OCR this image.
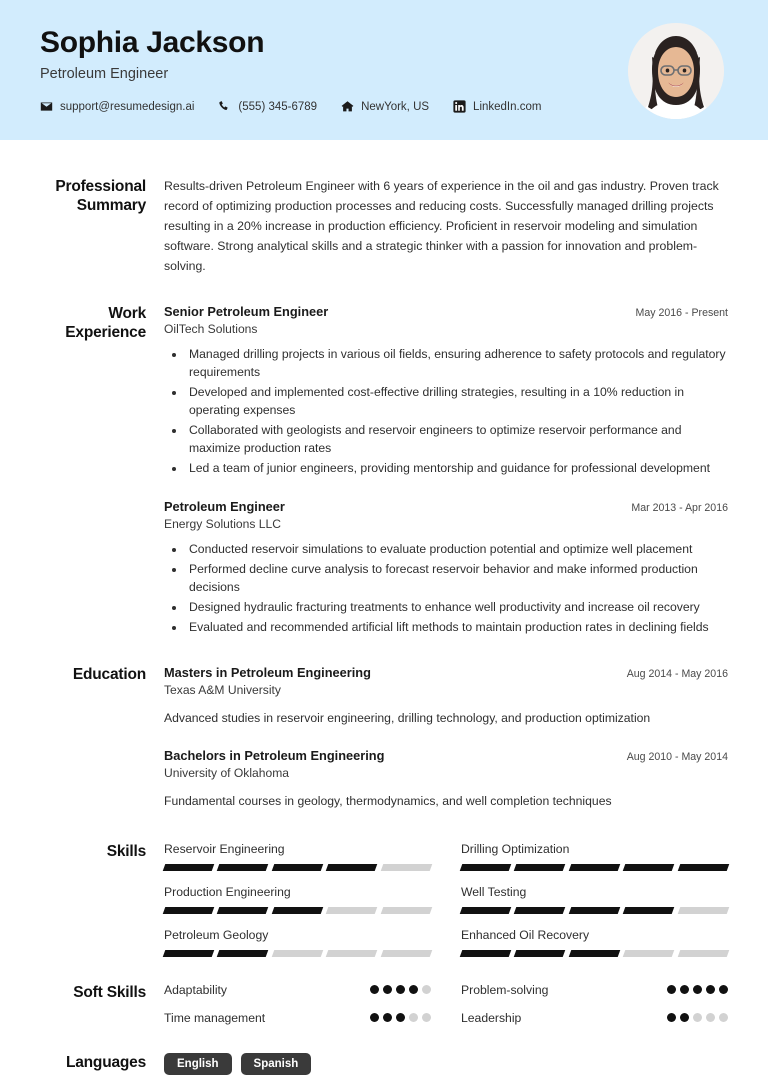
Sophia Jackson
Petroleum Engineer
support@resumedesign.ai	(555) 345-6789	NewYork, US	LinkedIn.com
Professional Summary
Results-driven Petroleum Engineer with 6 years of experience in the oil and gas industry. Proven track record of optimizing production processes and reducing costs. Successfully managed drilling projects resulting in a 20% increase in production efficiency. Proficient in reservoir modeling and simulation software. Strong analytical skills and a strategic thinker with a passion for innovation and problem-solving.
Work Experience
Senior Petroleum Engineer	May 2016 - Present
OilTech Solutions
• Managed drilling projects in various oil fields, ensuring adherence to safety protocols and regulatory requirements
• Developed and implemented cost-effective drilling strategies, resulting in a 10% reduction in operating expenses
• Collaborated with geologists and reservoir engineers to optimize reservoir performance and maximize production rates
• Led a team of junior engineers, providing mentorship and guidance for professional development
Petroleum Engineer	Mar 2013 - Apr 2016
Energy Solutions LLC
• Conducted reservoir simulations to evaluate production potential and optimize well placement
• Performed decline curve analysis to forecast reservoir behavior and make informed production decisions
• Designed hydraulic fracturing treatments to enhance well productivity and increase oil recovery
• Evaluated and recommended artificial lift methods to maintain production rates in declining fields
Education	Masters in Petroleum Engineering	Aug 2014 - May 2016
Texas A&M University
Advanced studies in reservoir engineering, drilling technology, and production optimization
Bachelors in Petroleum Engineering	Aug 2010 - May 2014
University of Oklahoma
Fundamental courses in geology, thermodynamics, and well completion techniques
Skills	Reservoir Engineering	Drilling Optimization
Production Engineering	Well Testing
Petroleum Geology	Enhanced Oil Recovery
Soft Skills	Adaptability	Problem-solving
Time management	Leadership
Languages	English	Spanish
